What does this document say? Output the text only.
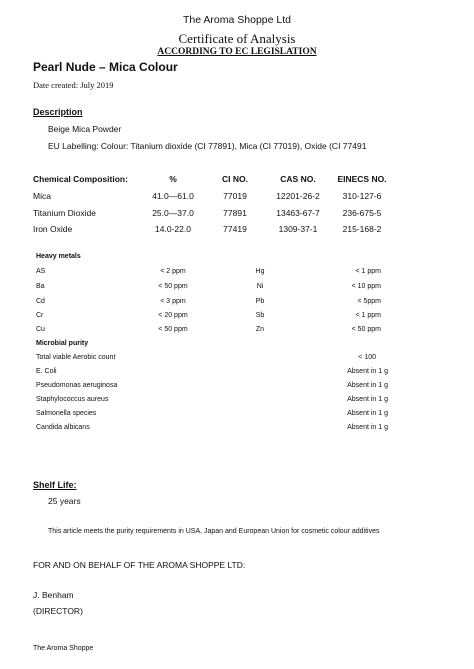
The Aroma Shoppe Ltd
Certificate of Analysis
ACCORDING TO EC LEGISLATION
Pearl Nude – Mica Colour
Date created: July 2019
Description
Beige Mica Powder
EU Labelling: Colour: Titanium dioxide (CI 77891), Mica (CI 77019), Oxide (CI 77491
Chemical Composition:	%	CI NO.	CAS NO.	EINECS NO.
Mica	41.0—61.0	77019	12201-26-2	310-127-6
Titanium Dioxide	25.0—37.0	77891	13463-67-7	236-675-5
Iron Oxide	14.0-22.0	77419	1309-37-1	215-168-2
Heavy metals
AS	< 2 ppm	Hg	< 1 ppm
Ba	< 50 ppm	Ni	< 10 ppm
Cd	< 3 ppm	Pb	< 5ppm
Cr	< 20 ppm	Sb	< 1 ppm
Cu	< 50 ppm	Zn	< 50 ppm
Microbial purity
Total viable Aerobic count	< 100
E. Coli	Absent in 1 g
Pseudomonas aeruginosa	Absent in 1 g
Staphylococcus aureus	Absent in 1 g
Salmonella species	Absent in 1 g
Candida albicans	Absent in 1 g
Shelf Life:
25 years
This article meets the purity requirements in USA, Japan and European Union for cosmetic colour additives
FOR AND ON BEHALF OF THE AROMA SHOPPE LTD:
J. Benham
(DIRECTOR)
The Aroma Shoppe
